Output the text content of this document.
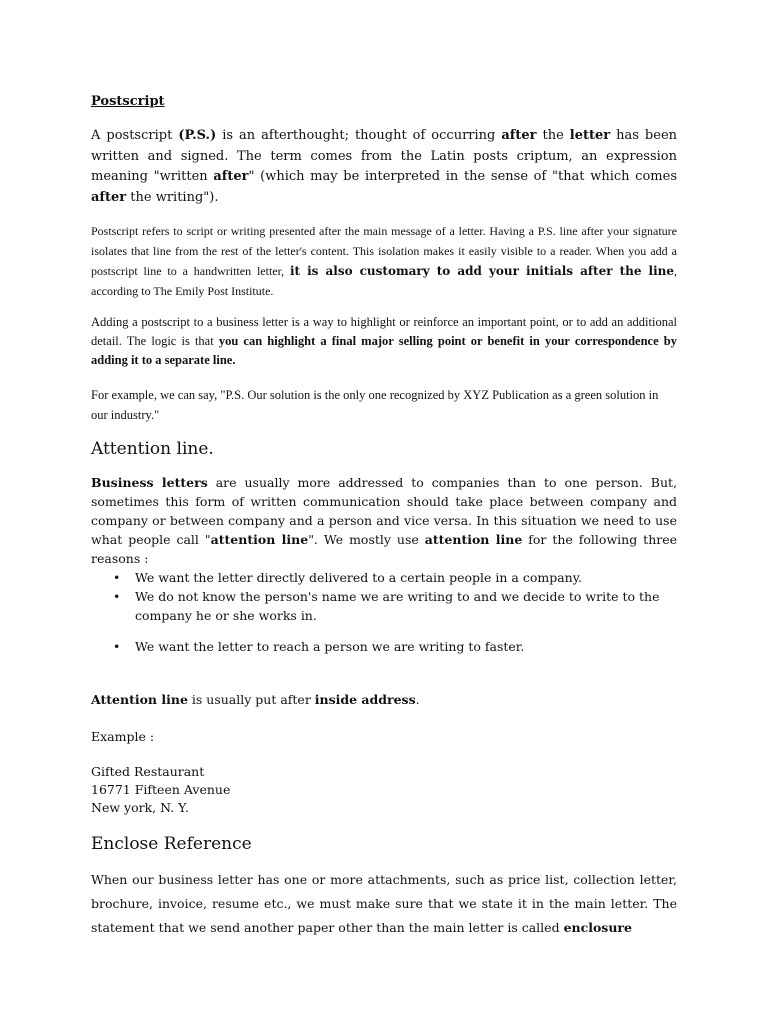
Postscript

A postscript (P.S.) is an afterthought; thought of occurring after the letter has been written and signed. The term comes from the Latin posts criptum, an expression meaning "written after" (which may be interpreted in the sense of "that which comes after the writing").

Postscript refers to script or writing presented after the main message of a letter. Having a P.S. line after your signature isolates that line from the rest of the letter's content. This isolation makes it easily visible to a reader. When you add a postscript line to a handwritten letter, it is also customary to add your initials after the line, according to The Emily Post Institute.

Adding a postscript to a business letter is a way to highlight or reinforce an important point, or to add an additional detail. The logic is that you can highlight a final major selling point or benefit in your correspondence by adding it to a separate line.

For example, we can say, "P.S. Our solution is the only one recognized by XYZ Publication as a green solution in our industry."

Attention line.

Business letters are usually more addressed to companies than to one person. But, sometimes this form of written communication should take place between company and company or between company and a person and vice versa. In this situation we need to use what people call "attention line". We mostly use attention line for the following three reasons :

• We want the letter directly delivered to a certain people in a company.
• We do not know the person's name we are writing to and we decide to write to the company he or she works in.
• We want the letter to reach a person we are writing to faster.

Attention line is usually put after inside address.

Example :

Gifted Restaurant
16771 Fifteen Avenue
New york, N. Y.

Enclose Reference

When our business letter has one or more attachments, such as price list, collection letter, brochure, invoice, resume etc., we must make sure that we state it in the main letter. The statement that we send another paper other than the main letter is called enclosure
